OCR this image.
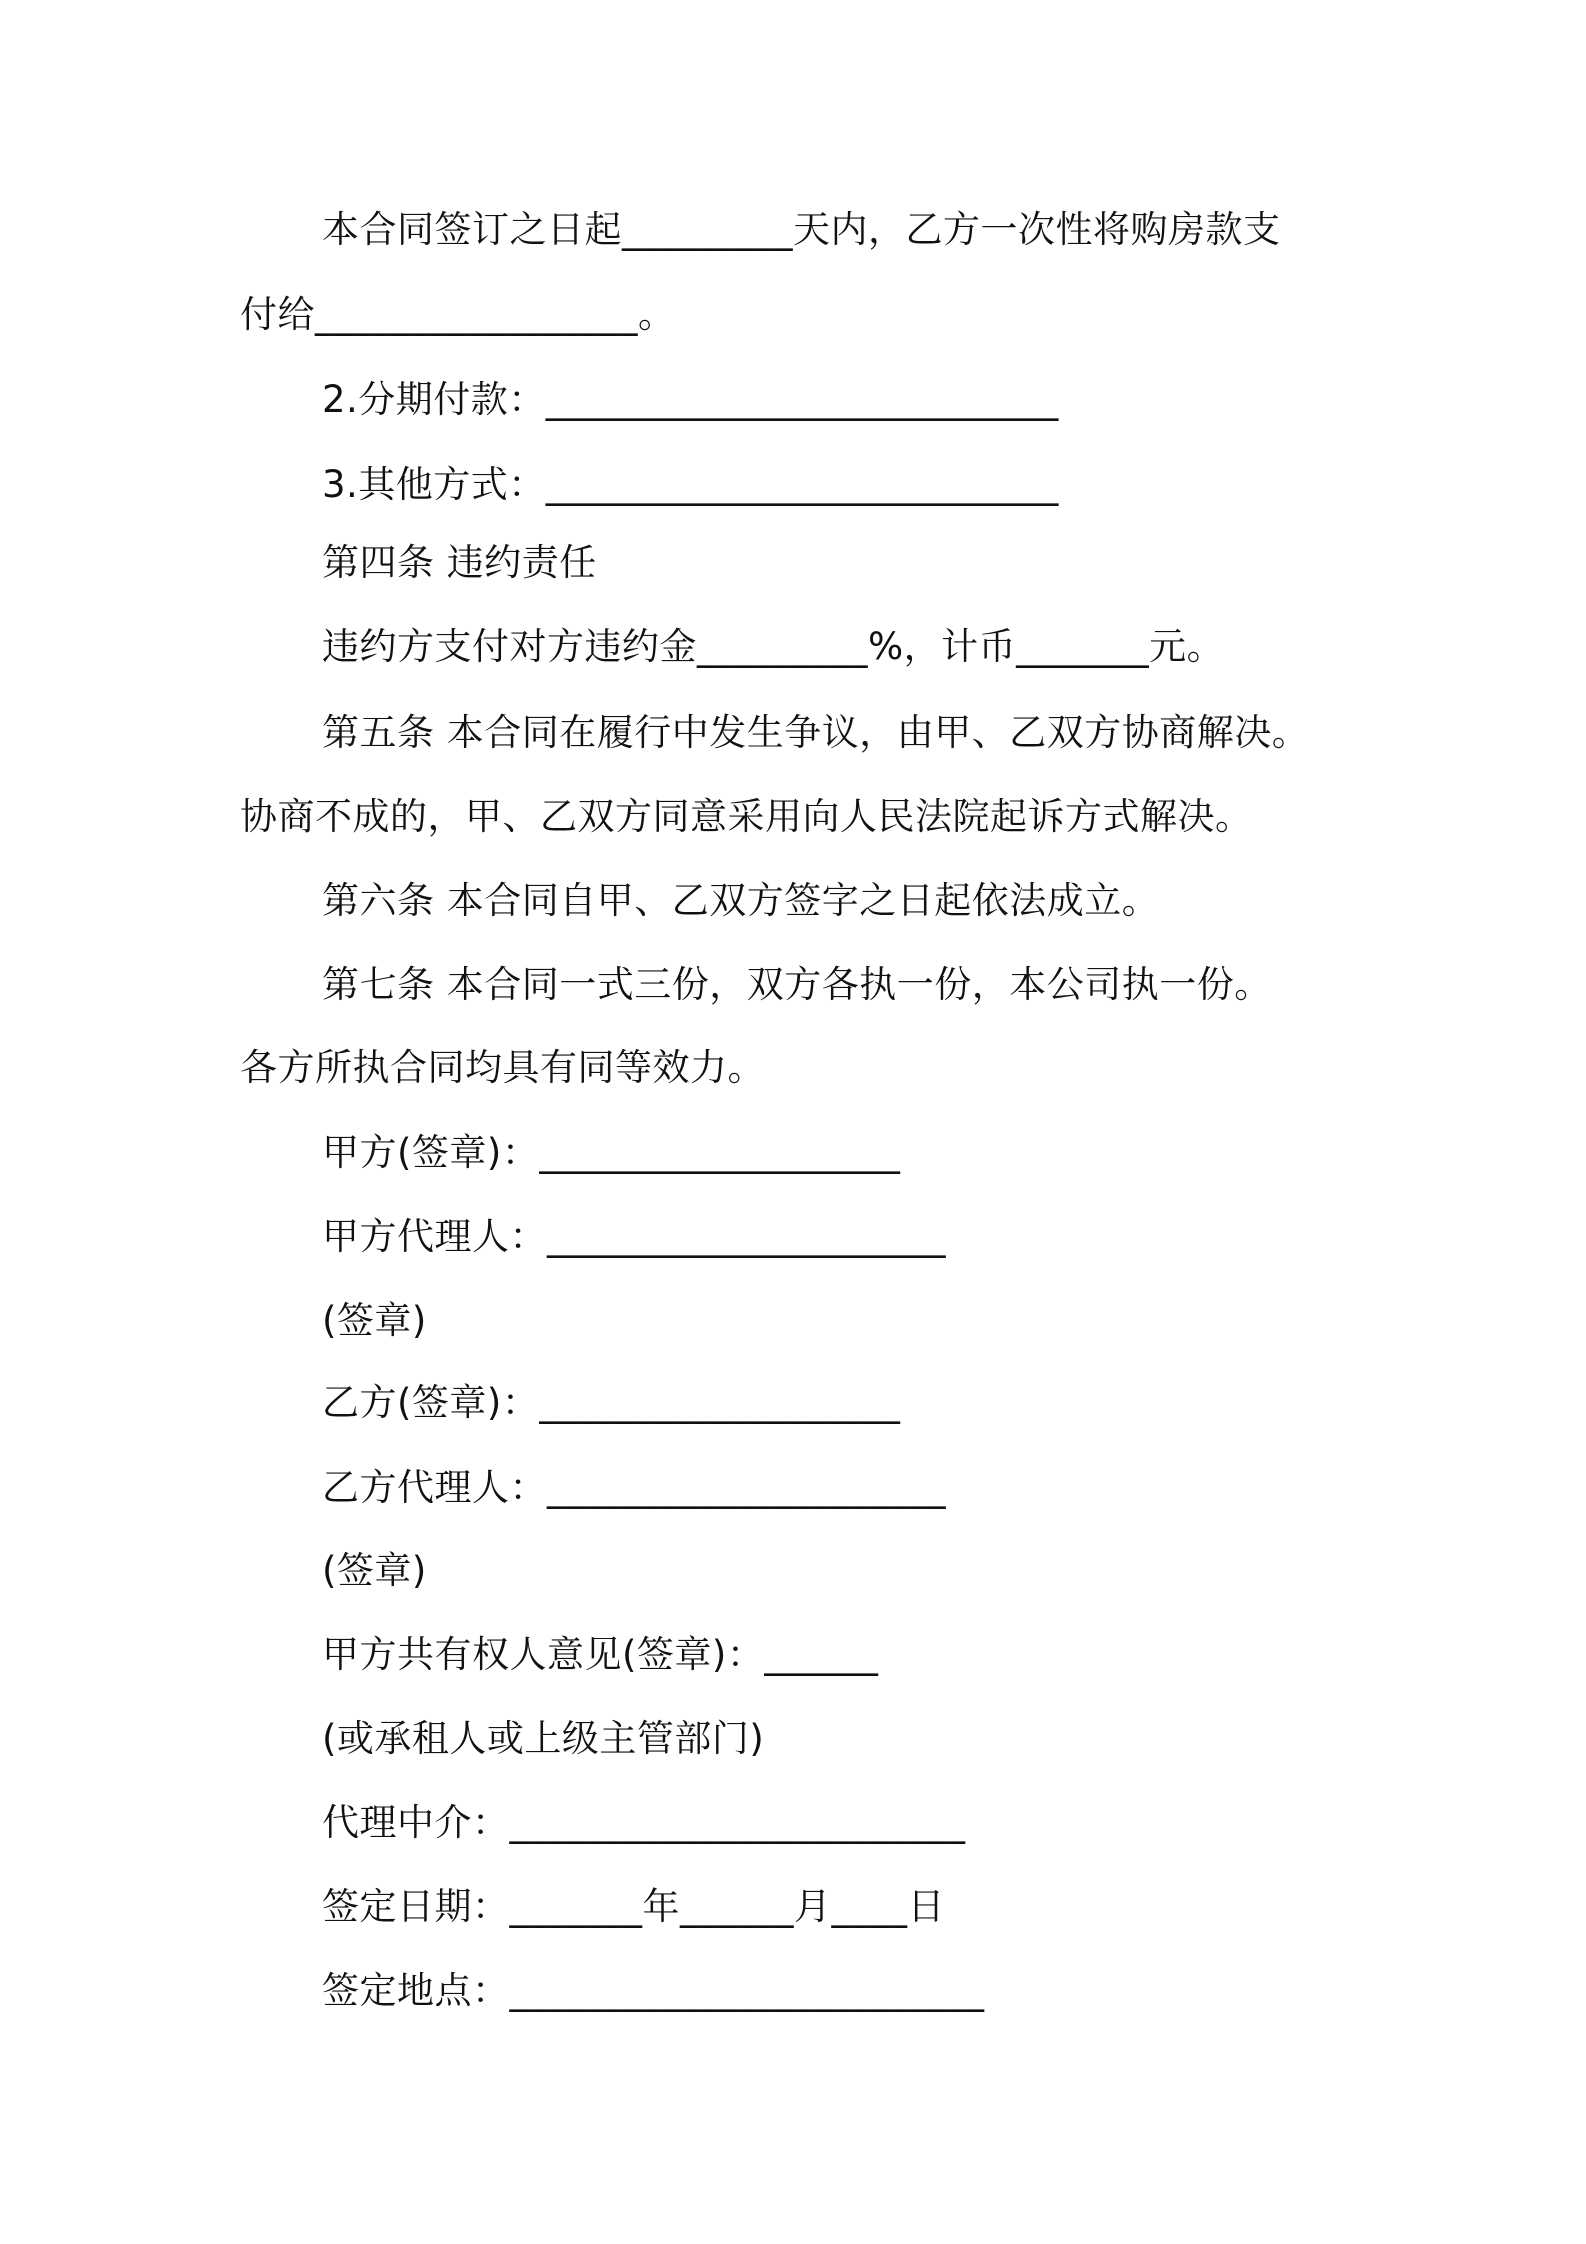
本合同签订之日起_________天内，乙方一次性将购房款支
付给_________________。
2.分期付款：___________________________
3.其他方式：___________________________
第四条 违约责任
违约方支付对方违约金_________%，计币_______元。
第五条 本合同在履行中发生争议，由甲、乙双方协商解决。
协商不成的，甲、乙双方同意采用向人民法院起诉方式解决。
第六条 本合同自甲、乙双方签字之日起依法成立。
第七条 本合同一式三份，双方各执一份，本公司执一份。
各方所执合同均具有同等效力。
甲方(签章)：___________________
甲方代理人：_____________________
(签章)
乙方(签章)：___________________
乙方代理人：_____________________
(签章)
甲方共有权人意见(签章)：______
(或承租人或上级主管部门)
代理中介：________________________
签定日期：_______年______月____日
签定地点：_________________________
